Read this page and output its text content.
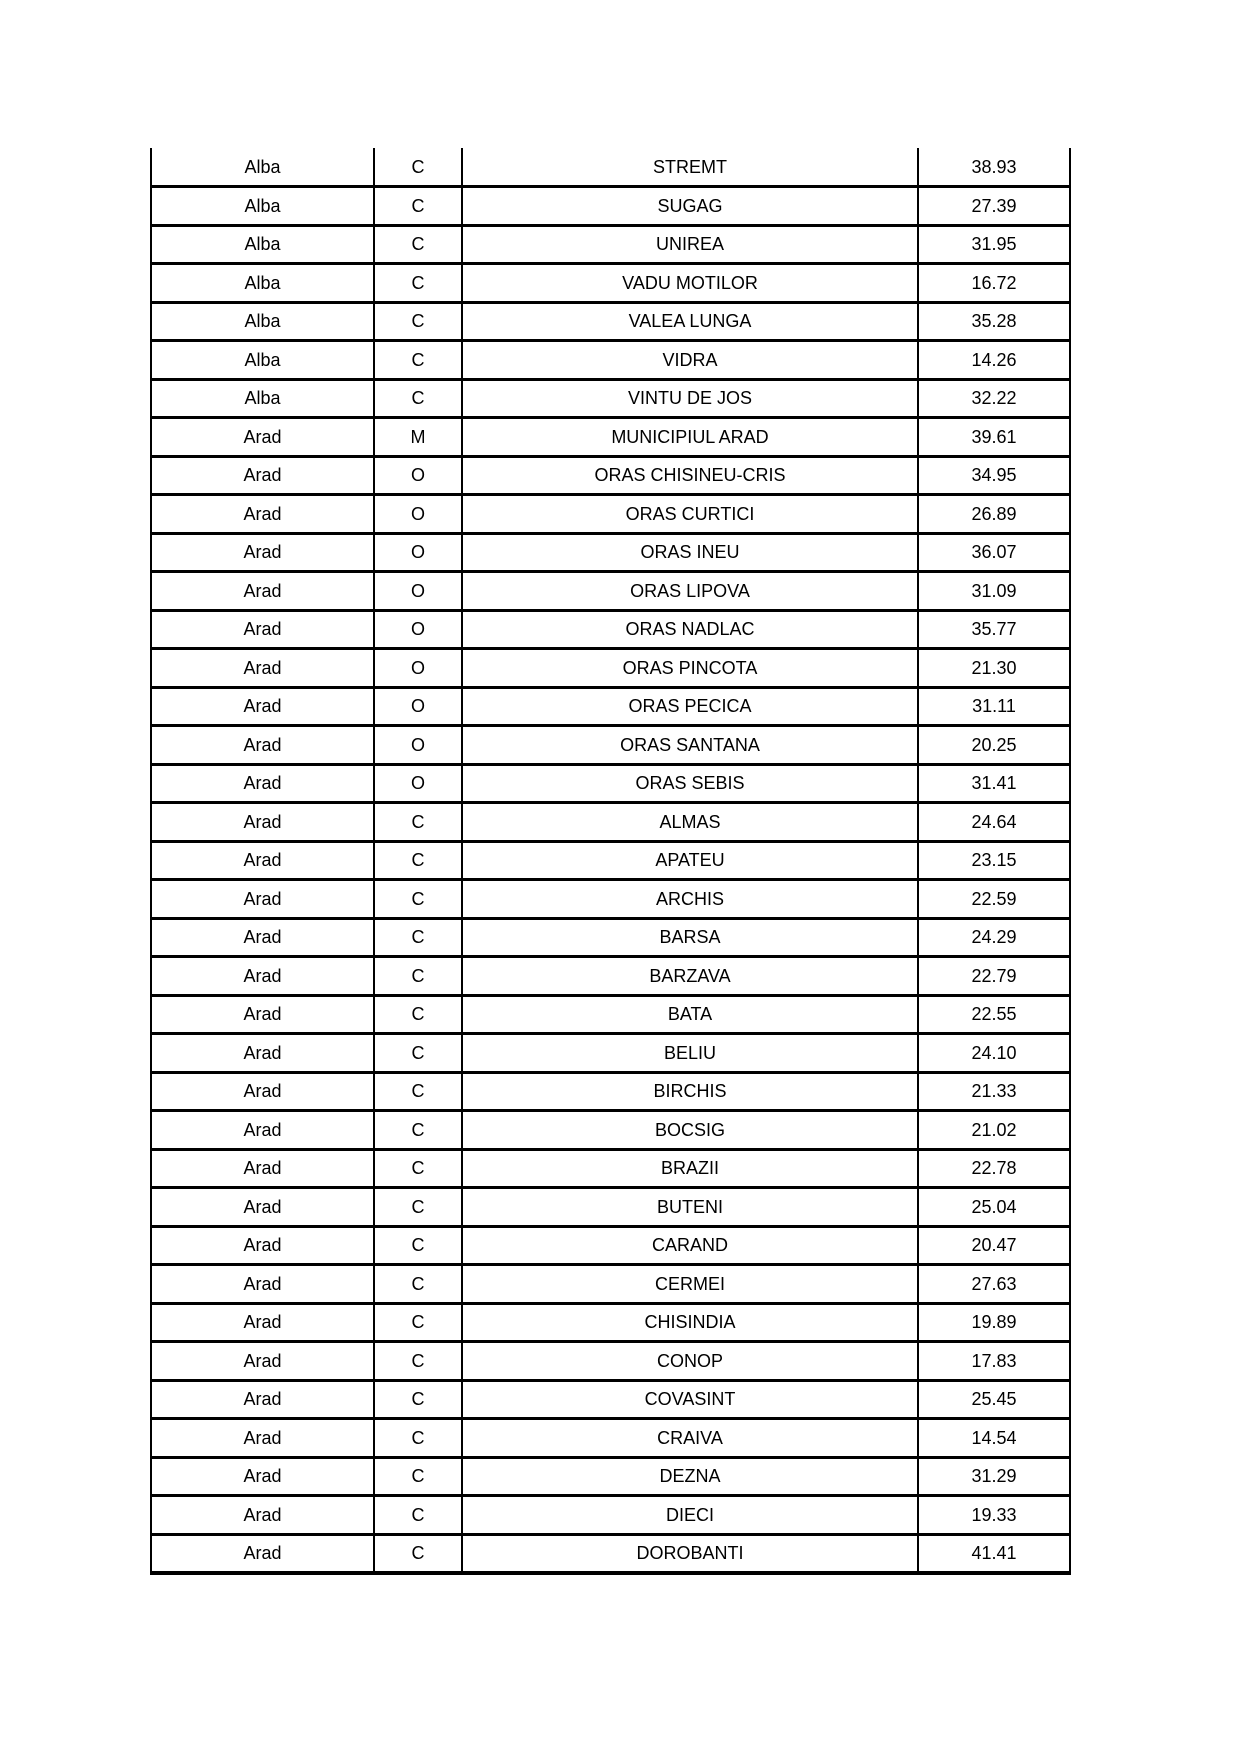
Alba	C	STREMT	38.93
Alba	C	SUGAG	27.39
Alba	C	UNIREA	31.95
Alba	C	VADU MOTILOR	16.72
Alba	C	VALEA LUNGA	35.28
Alba	C	VIDRA	14.26
Alba	C	VINTU DE JOS	32.22
Arad	M	MUNICIPIUL ARAD	39.61
Arad	O	ORAS CHISINEU-CRIS	34.95
Arad	O	ORAS CURTICI	26.89
Arad	O	ORAS INEU	36.07
Arad	O	ORAS LIPOVA	31.09
Arad	O	ORAS NADLAC	35.77
Arad	O	ORAS PINCOTA	21.30
Arad	O	ORAS PECICA	31.11
Arad	O	ORAS SANTANA	20.25
Arad	O	ORAS SEBIS	31.41
Arad	C	ALMAS	24.64
Arad	C	APATEU	23.15
Arad	C	ARCHIS	22.59
Arad	C	BARSA	24.29
Arad	C	BARZAVA	22.79
Arad	C	BATA	22.55
Arad	C	BELIU	24.10
Arad	C	BIRCHIS	21.33
Arad	C	BOCSIG	21.02
Arad	C	BRAZII	22.78
Arad	C	BUTENI	25.04
Arad	C	CARAND	20.47
Arad	C	CERMEI	27.63
Arad	C	CHISINDIA	19.89
Arad	C	CONOP	17.83
Arad	C	COVASINT	25.45
Arad	C	CRAIVA	14.54
Arad	C	DEZNA	31.29
Arad	C	DIECI	19.33
Arad	C	DOROBANTI	41.41
